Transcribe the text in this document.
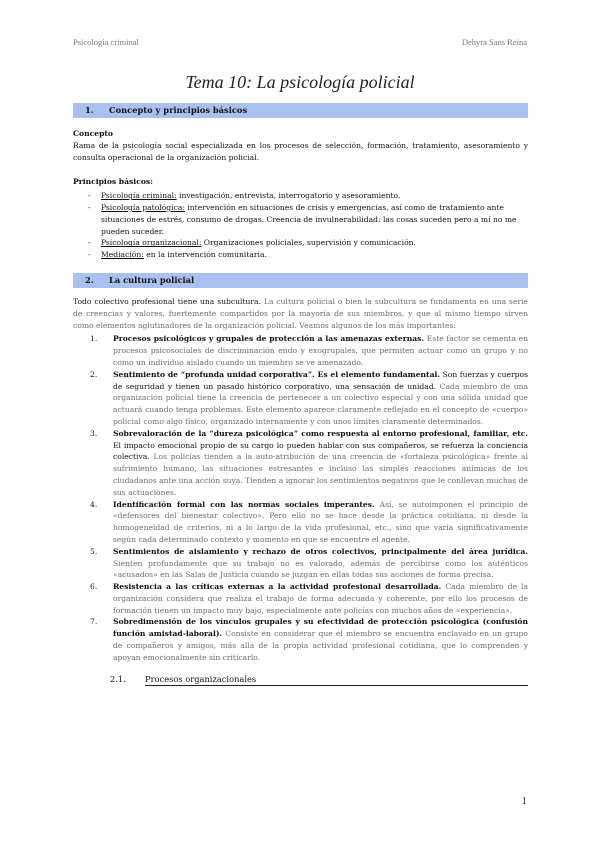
Psicología criminal	Dehyra Sans Reina
Tema 10: La psicología policial
1.	Concepto y principios básicos
Concepto
Rama de la psicología social especializada en los procesos de selección, formación, tratamiento, asesoramiento y consulta operacional de la organización policial.
Principios básicos:
-	Psicología criminal: investigación, entrevista, interrogatorio y asesoramiento.
-	Psicología patológica: intervención en situaciones de crisis y emergencias, así como de tratamiento ante situaciones de estrés, consumo de drogas. Creencia de invulnerabilidad: las cosas suceden pero a mí no me pueden suceder.
-	Psicología organizacional: Organizaciones policiales, supervisión y comunicación.
-	Mediación: en la intervención comunitaria.
2.	La cultura policial
Todo colectivo profesional tiene una subcultura. La cultura policial o bien la subcultura se fundamenta en una serie de creencias y valores, fuertemente compartidos por la mayoría de sus miembros, y que al mismo tiempo sirven como elementos aglutinadores de la organización policial. Veamos algunos de los más importantes:
1.	Procesos psicológicos y grupales de protección a las amenazas externas. Este factor se cementa en procesos psicosociales de discriminación endo y exogrupales, que permiten actuar como un grupo y no como un individuo aislado cuando un miembro se ve amenazado.
2.	Sentimiento de “profunda unidad corporativa”. Es el elemento fundamental. Son fuerzas y cuerpos de seguridad y tienen un pasado histórico corporativo, una sensación de unidad. Cada miembro de una organización policial tiene la creencia de pertenecer a un colectivo especial y con una sólida unidad que actuará cuando tenga problemas. Este elemento aparece claramente reflejado en el concepto de «cuerpo» policial como algo físico, organizado internamente y con unos límites claramente determinados.
3.	Sobrevaloración de la “dureza psicológica” como respuesta al entorno profesional, familiar, etc. El impacto emocional propio de su cargo lo pueden hablar con sus compañeros, se refuerza la conciencia colectiva. Los policías tienden a la auto-atribución de una creencia de «fortaleza psicológica» frente al sufrimiento humano, las situaciones estresantes e incluso las simples reacciones anímicas de los ciudadanos ante una acción suya. Tienden a ignorar los sentimientos negativos que le conllevan muchas de sus actuaciones.
4.	Identificación formal con las normas sociales imperantes. Así, se autoimponen el principio de «defensores del bienestar colectivo». Pero ello no se hace desde la práctica cotidiana, ni desde la homogeneidad de criterios, ni a lo largo de la vida profesional, etc., sino que varía significativamente según cada determinado contexto y momento en que se encuentre el agente.
5.	Sentimientos de aislamiento y rechazo de otros colectivos, principalmente del área jurídica. Sienten profundamente que su trabajo no es valorado, además de percibirse como los auténticos «acusados» en las Salas de Justicia cuando se juzgan en ellas todas sus acciones de forma precisa.
6.	Resistencia a las críticas externas a la actividad profesional desarrollada. Cada miembro de la organización considera que realiza el trabajo de forma adecuada y coherente, por ello los procesos de formación tienen un impacto muy bajo, especialmente ante policías con muchos años de «experiencia».
7.	Sobredimensión de los vínculos grupales y su efectividad de protección psicológica (confusión función amistad-laboral). Consiste en considerar que el miembro se encuentra enclavado en un grupo de compañeros y amigos, más allá de la propia actividad profesional cotidiana, que lo comprenden y apoyan emocionalmente sin criticarlo.
2.1.	Procesos organizacionales
1
